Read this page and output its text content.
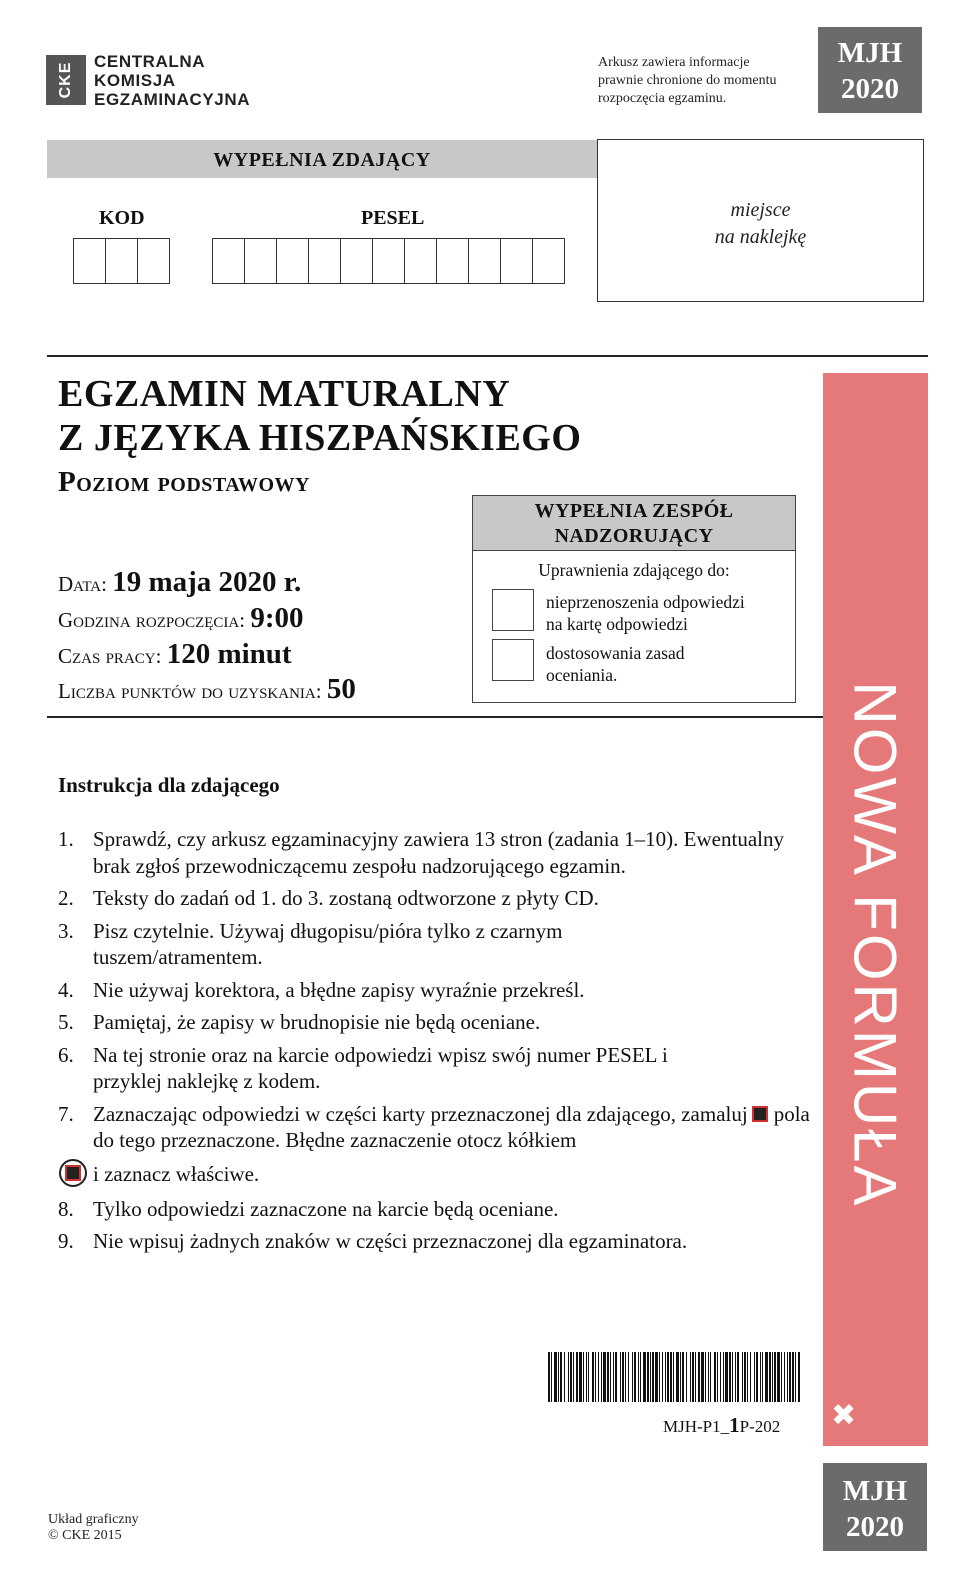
CKE
CENTRALNA
KOMISJA
EGZAMINACYJNA
Arkusz zawiera informacje
prawnie chronione do momentu
rozpoczęcia egzaminu.
MJH
2020
WYPEŁNIA ZDAJĄCY
KOD	PESEL	miejsce
na naklejkę
EGZAMIN MATURALNY
Z JĘZYKA HISZPAŃSKIEGO
Poziom podstawowy
Data: 19 maja 2020 r.
Godzina rozpoczęcia: 9:00
Czas pracy: 120 minut
Liczba punktów do uzyskania: 50
WYPEŁNIA ZESPÓŁ
NADZORUJĄCY
Uprawnienia zdającego do:
nieprzenoszenia odpowiedzi
na kartę odpowiedzi
dostosowania zasad
oceniania.
NOWA FORMUŁA
✖
Instrukcja dla zdającego
1. Sprawdź, czy arkusz egzaminacyjny zawiera 13 stron (zadania 1–10). Ewentualny brak zgłoś przewodniczącemu zespołu nadzorującego egzamin.
2. Teksty do zadań od 1. do 3. zostaną odtworzone z płyty CD.
3. Pisz czytelnie. Używaj długopisu/pióra tylko z czarnym tuszem/atramentem.
4. Nie używaj korektora, a błędne zapisy wyraźnie przekreśl.
5. Pamiętaj, że zapisy w brudnopisie nie będą oceniane.
6. Na tej stronie oraz na karcie odpowiedzi wpisz swój numer PESEL i przyklej naklejkę z kodem.
7. Zaznaczając odpowiedzi w części karty przeznaczonej dla zdającego, zamaluj pola do tego przeznaczone. Błędne zaznaczenie otocz kółkiem

i zaznacz właściwe.
8. Tylko odpowiedzi zaznaczone na karcie będą oceniane.
9. Nie wpisuj żadnych znaków w części przeznaczonej dla egzaminatora.
MJH-P1_1P-202
MJH
2020
Układ graficzny
© CKE 2015
